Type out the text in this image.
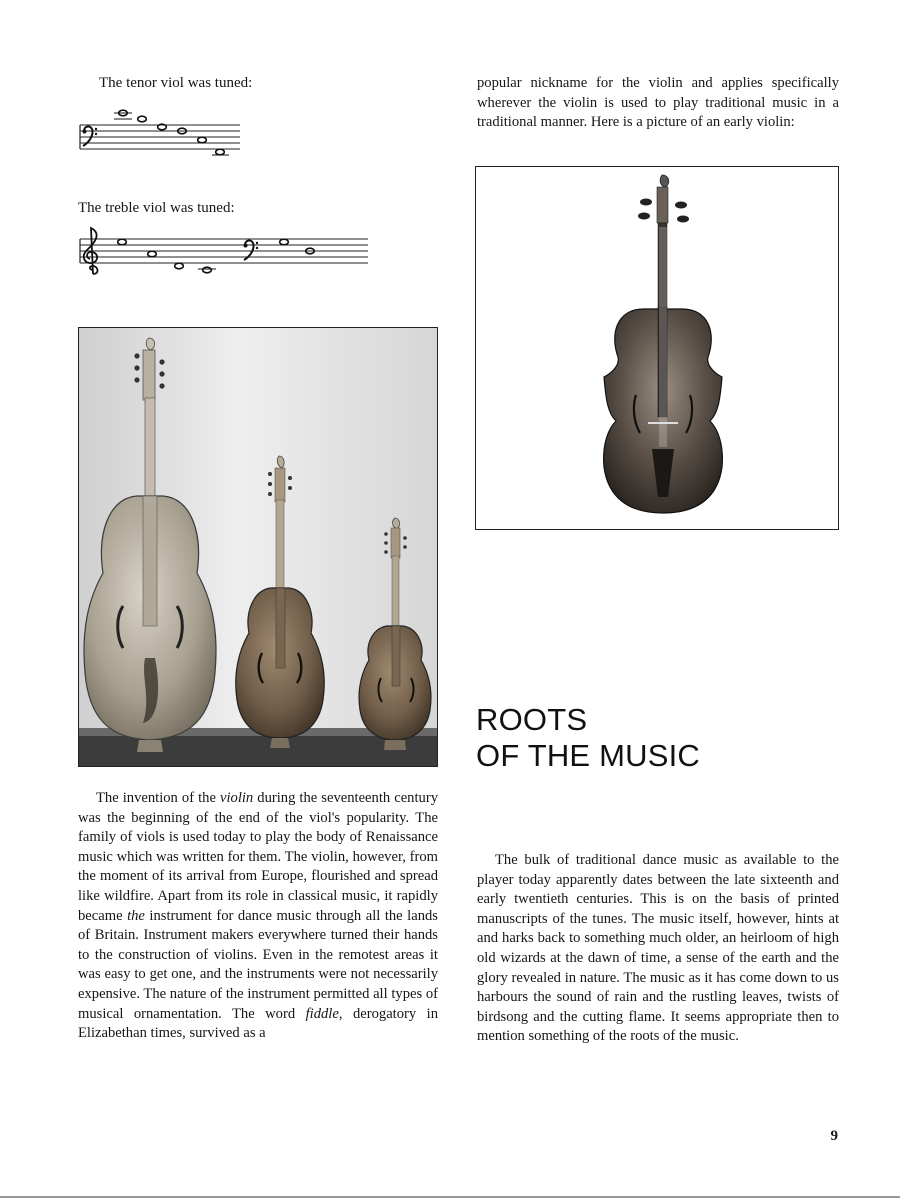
The tenor viol was tuned:
The treble viol was tuned:

The invention of the violin during the seventeenth century was the beginning of the end of the viol's popularity. The family of viols is used today to play the body of Renaissance music which was written for them. The violin, however, from the moment of its arrival from Europe, flourished and spread like wildfire. Apart from its role in classical music, it rapidly became the instrument for dance music through all the lands of Britain. Instrument makers everywhere turned their hands to the construction of violins. Even in the remotest areas it was easy to get one, and the instruments were not necessarily expensive. The nature of the instrument permitted all types of musical ornamentation. The word fiddle, derogatory in Elizabethan times, survived as a

popular nickname for the violin and applies specifically wherever the violin is used to play traditional music in a traditional manner. Here is a picture of an early violin:

ROOTS
OF THE MUSIC

The bulk of traditional dance music as available to the player today apparently dates between the late sixteenth and early twentieth centuries. This is on the basis of printed manuscripts of the tunes. The music itself, however, hints at and harks back to something much older, an heirloom of high old wizards at the dawn of time, a sense of the earth and the glory revealed in nature. The music as it has come down to us harbours the sound of rain and the rustling leaves, twists of birdsong and the cutting flame. It seems appropriate then to mention something of the roots of the music.

9
